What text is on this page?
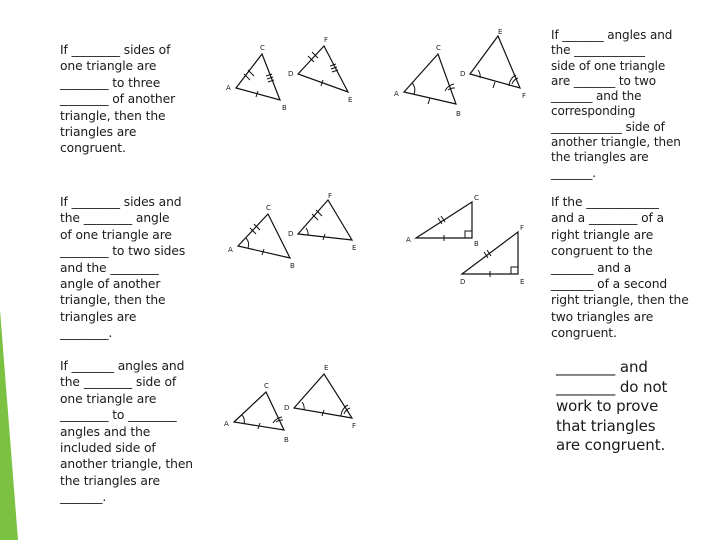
If ________ sides of
one triangle are
________ to three
________ of another
triangle, then the
triangles are
congruent.
A
C
B
D
F
E
A
C
B
D
E
F
If _______ angles and
the ____________
side of one triangle
are _______ to two
_______ and the
corresponding
____________ side of
another triangle, then
the triangles are
_______.
If ________ sides and
the ________ angle
of one triangle are
________ to two sides
and the ________
angle of another
triangle, then the
triangles are
________.
A
C
B
D
F
E
A
C
B
D
F
E
If the ____________
and a ________ of a
right triangle are
congruent to the
_______ and a
_______ of a second
right triangle, then the
two triangles are
congruent.
If _______ angles and
the ________ side of
one triangle are
________ to ________
angles and the
included side of
another triangle, then
the triangles are
_______.
A
C
B
D
E
F
________ and
________ do not
work to prove
that triangles
are congruent.
